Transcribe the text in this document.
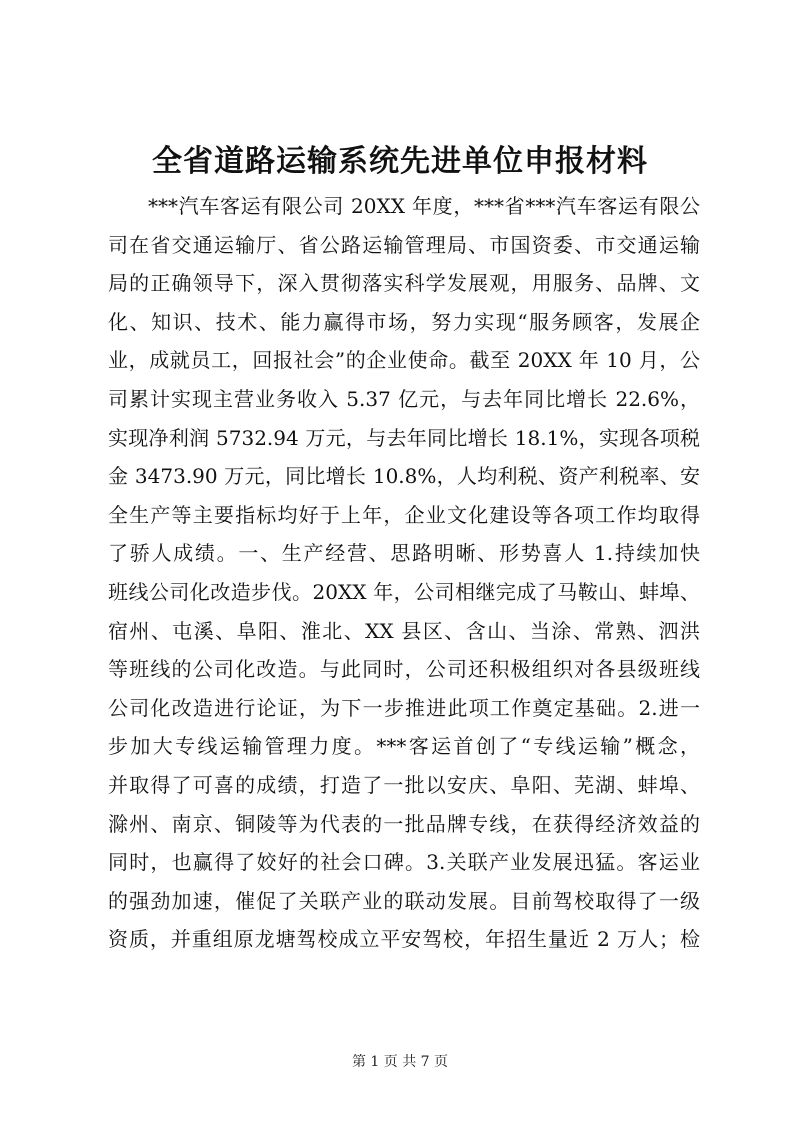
全省道路运输系统先进单位申报材料
***汽车客运有限公司 20XX 年度，***省***汽车客运有限公
司在省交通运输厅、省公路运输管理局、市国资委、市交通运输
局的正确领导下，深入贯彻落实科学发展观，用服务、品牌、文
化、知识、技术、能力赢得市场，努力实现“服务顾客，发展企
业，成就员工，回报社会”的企业使命。截至 20XX 年 10 月，公
司累计实现主营业务收入 5.37 亿元，与去年同比增长 22.6%，
实现净利润 5732.94 万元，与去年同比增长 18.1%，实现各项税
金 3473.90 万元，同比增长 10.8%，人均利税、资产利税率、安
全生产等主要指标均好于上年，企业文化建设等各项工作均取得
了骄人成绩。一、生产经营、思路明晰、形势喜人 1.持续加快
班线公司化改造步伐。20XX 年，公司相继完成了马鞍山、蚌埠、
宿州、屯溪、阜阳、淮北、XX 县区、含山、当涂、常熟、泗洪
等班线的公司化改造。与此同时，公司还积极组织对各县级班线
公司化改造进行论证，为下一步推进此项工作奠定基础。2.进一
步加大专线运输管理力度。***客运首创了“专线运输”概念，
并取得了可喜的成绩，打造了一批以安庆、阜阳、芜湖、蚌埠、
滁州、南京、铜陵等为代表的一批品牌专线，在获得经济效益的
同时，也赢得了姣好的社会口碑。3.关联产业发展迅猛。客运业
的强劲加速，催促了关联产业的联动发展。目前驾校取得了一级
资质，并重组原龙塘驾校成立平安驾校，年招生量近 2 万人；检
第 1 页 共 7 页
